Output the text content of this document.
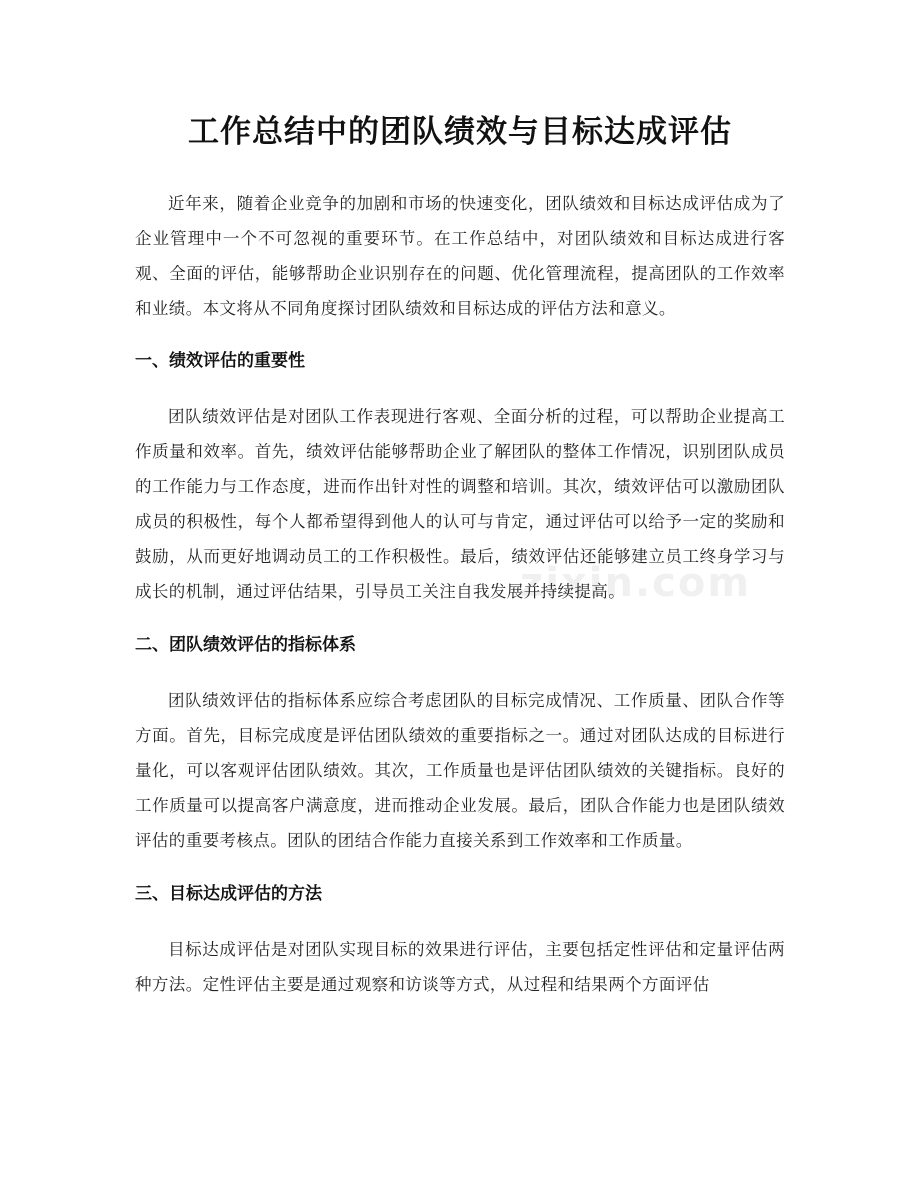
工作总结中的团队绩效与目标达成评估

近年来，随着企业竞争的加剧和市场的快速变化，团队绩效和目标达成评估成为了企业管理中一个不可忽视的重要环节。在工作总结中，对团队绩效和目标达成进行客观、全面的评估，能够帮助企业识别存在的问题、优化管理流程，提高团队的工作效率和业绩。本文将从不同角度探讨团队绩效和目标达成的评估方法和意义。

一、绩效评估的重要性

团队绩效评估是对团队工作表现进行客观、全面分析的过程，可以帮助企业提高工作质量和效率。首先，绩效评估能够帮助企业了解团队的整体工作情况，识别团队成员的工作能力与工作态度，进而作出针对性的调整和培训。其次，绩效评估可以激励团队成员的积极性，每个人都希望得到他人的认可与肯定，通过评估可以给予一定的奖励和鼓励，从而更好地调动员工的工作积极性。最后，绩效评估还能够建立员工终身学习与成长的机制，通过评估结果，引导员工关注自我发展并持续提高。

二、团队绩效评估的指标体系

团队绩效评估的指标体系应综合考虑团队的目标完成情况、工作质量、团队合作等方面。首先，目标完成度是评估团队绩效的重要指标之一。通过对团队达成的目标进行量化，可以客观评估团队绩效。其次，工作质量也是评估团队绩效的关键指标。良好的工作质量可以提高客户满意度，进而推动企业发展。最后，团队合作能力也是团队绩效评估的重要考核点。团队的团结合作能力直接关系到工作效率和工作质量。

三、目标达成评估的方法

目标达成评估是对团队实现目标的效果进行评估，主要包括定性评估和定量评估两种方法。定性评估主要是通过观察和访谈等方式，从过程和结果两个方面评估

zixin.com
